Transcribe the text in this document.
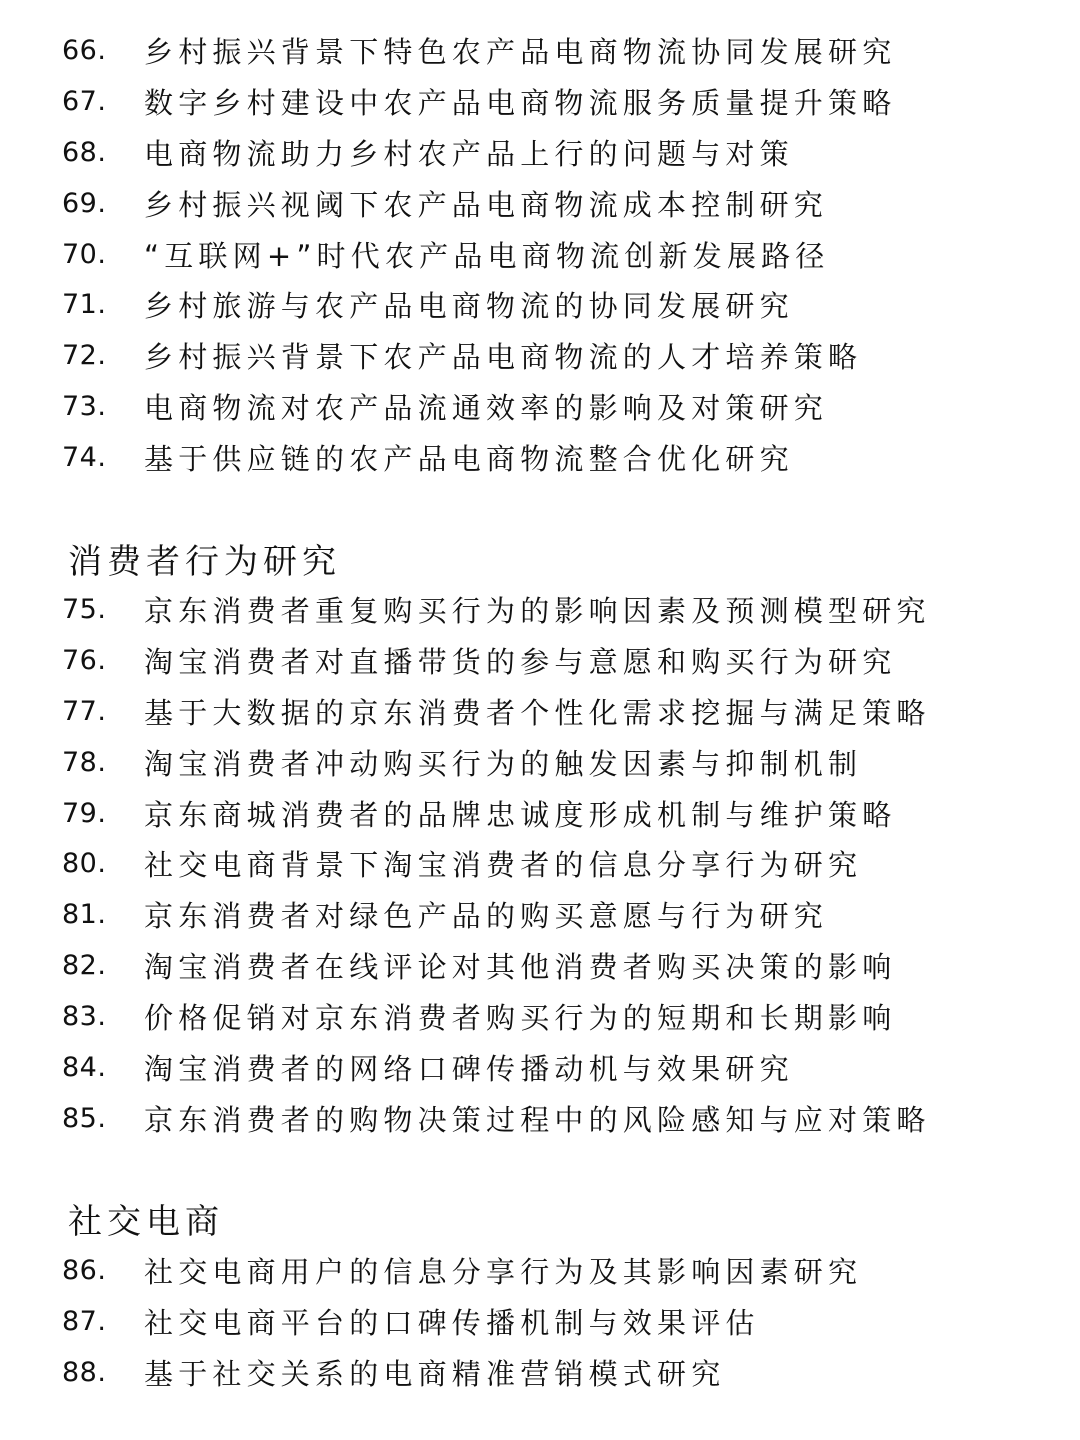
66.	乡村振兴背景下特色农产品电商物流协同发展研究
67.	数字乡村建设中农产品电商物流服务质量提升策略
68.	电商物流助力乡村农产品上行的问题与对策
69.	乡村振兴视阈下农产品电商物流成本控制研究
70.	“互联网+”时代农产品电商物流创新发展路径
71.	乡村旅游与农产品电商物流的协同发展研究
72.	乡村振兴背景下农产品电商物流的人才培养策略
73.	电商物流对农产品流通效率的影响及对策研究
74.	基于供应链的农产品电商物流整合优化研究
消费者行为研究
75.	京东消费者重复购买行为的影响因素及预测模型研究
76.	淘宝消费者对直播带货的参与意愿和购买行为研究
77.	基于大数据的京东消费者个性化需求挖掘与满足策略
78.	淘宝消费者冲动购买行为的触发因素与抑制机制
79.	京东商城消费者的品牌忠诚度形成机制与维护策略
80.	社交电商背景下淘宝消费者的信息分享行为研究
81.	京东消费者对绿色产品的购买意愿与行为研究
82.	淘宝消费者在线评论对其他消费者购买决策的影响
83.	价格促销对京东消费者购买行为的短期和长期影响
84.	淘宝消费者的网络口碑传播动机与效果研究
85.	京东消费者的购物决策过程中的风险感知与应对策略
社交电商
86.	社交电商用户的信息分享行为及其影响因素研究
87.	社交电商平台的口碑传播机制与效果评估
88.	基于社交关系的电商精准营销模式研究
